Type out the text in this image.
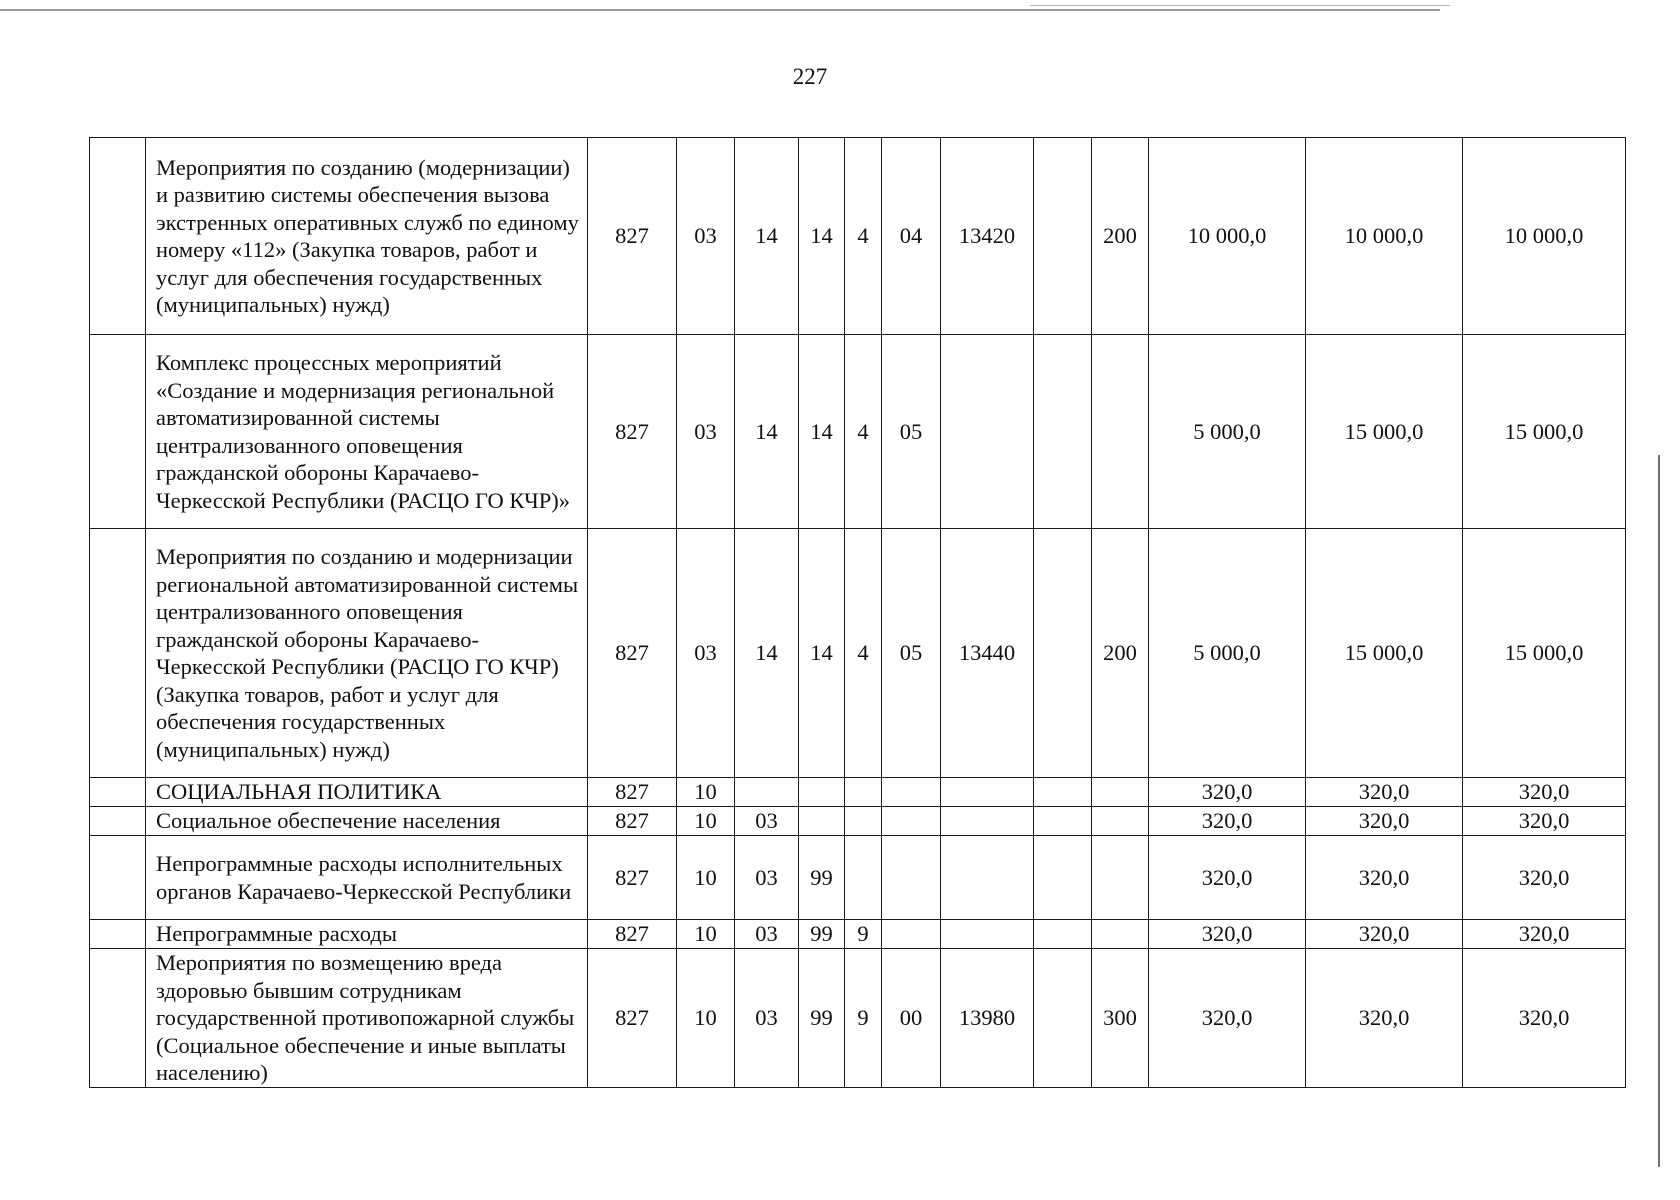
227
	Мероприятия по созданию (модернизации) и развитию системы обеспечения вызова экстренных оперативных служб по единому номеру «112» (Закупка товаров, работ и услуг для обеспечения государственных (муниципальных) нужд)	827	03	14	14	4	04	13420		200	10 000,0	10 000,0	10 000,0
	Комплекс процессных мероприятий «Создание и модернизация региональной автоматизированной системы централизованного оповещения гражданской обороны Карачаево-Черкесской Республики (РАСЦО ГО КЧР)»	827	03	14	14	4	05				5 000,0	15 000,0	15 000,0
	Мероприятия по созданию и модернизации региональной автоматизированной системы централизованного оповещения гражданской обороны Карачаево-Черкесской Республики (РАСЦО ГО КЧР) (Закупка товаров, работ и услуг для обеспечения государственных (муниципальных) нужд)	827	03	14	14	4	05	13440		200	5 000,0	15 000,0	15 000,0
	СОЦИАЛЬНАЯ ПОЛИТИКА	827	10								320,0	320,0	320,0
	Социальное обеспечение населения	827	10	03							320,0	320,0	320,0
	Непрограммные расходы исполнительных органов Карачаево-Черкесской Республики	827	10	03	99						320,0	320,0	320,0
	Непрограммные расходы	827	10	03	99	9					320,0	320,0	320,0
	Мероприятия по возмещению вреда здоровью бывшим сотрудникам государственной противопожарной службы (Социальное обеспечение и иные выплаты населению)	827	10	03	99	9	00	13980		300	320,0	320,0	320,0
